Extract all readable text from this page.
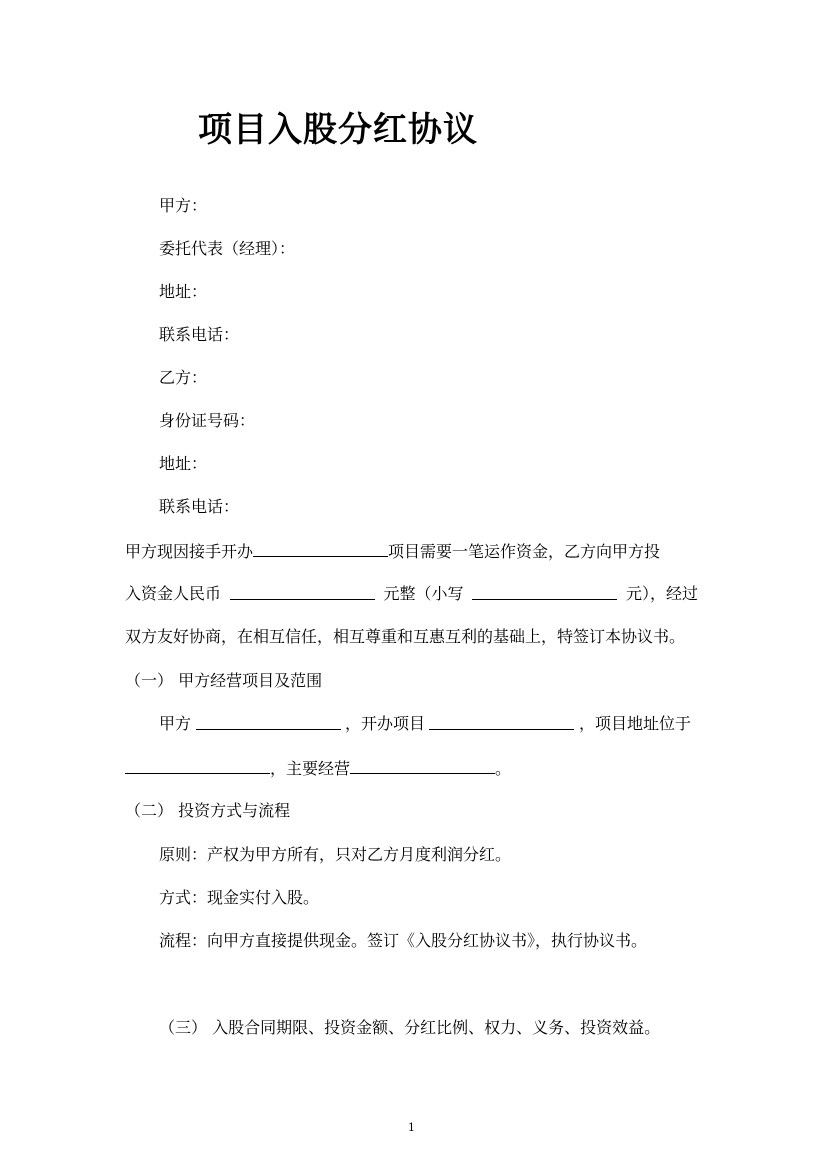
项目入股分红协议
甲方：
委托代表（经理）：
地址：
联系电话：
乙方：
身份证号码：
地址：
联系电话：
甲方现因接手开办	项目需要一笔运作资金，乙方向甲方投
入资金人民币	元整（小写	元），经过
双方友好协商，在相互信任，相互尊重和互惠互利的基础上，特签订本协议书。
（一） 甲方经营项目及范围
甲方	，开办项目	，项目地址位于
，主要经营	。
（二） 投资方式与流程
原则：产权为甲方所有，只对乙方月度利润分红。
方式：现金实付入股。
流程：向甲方直接提供现金。签订《入股分红协议书》，执行协议书。
（三） 入股合同期限、投资金额、分红比例、权力、义务、投资效益。
1
